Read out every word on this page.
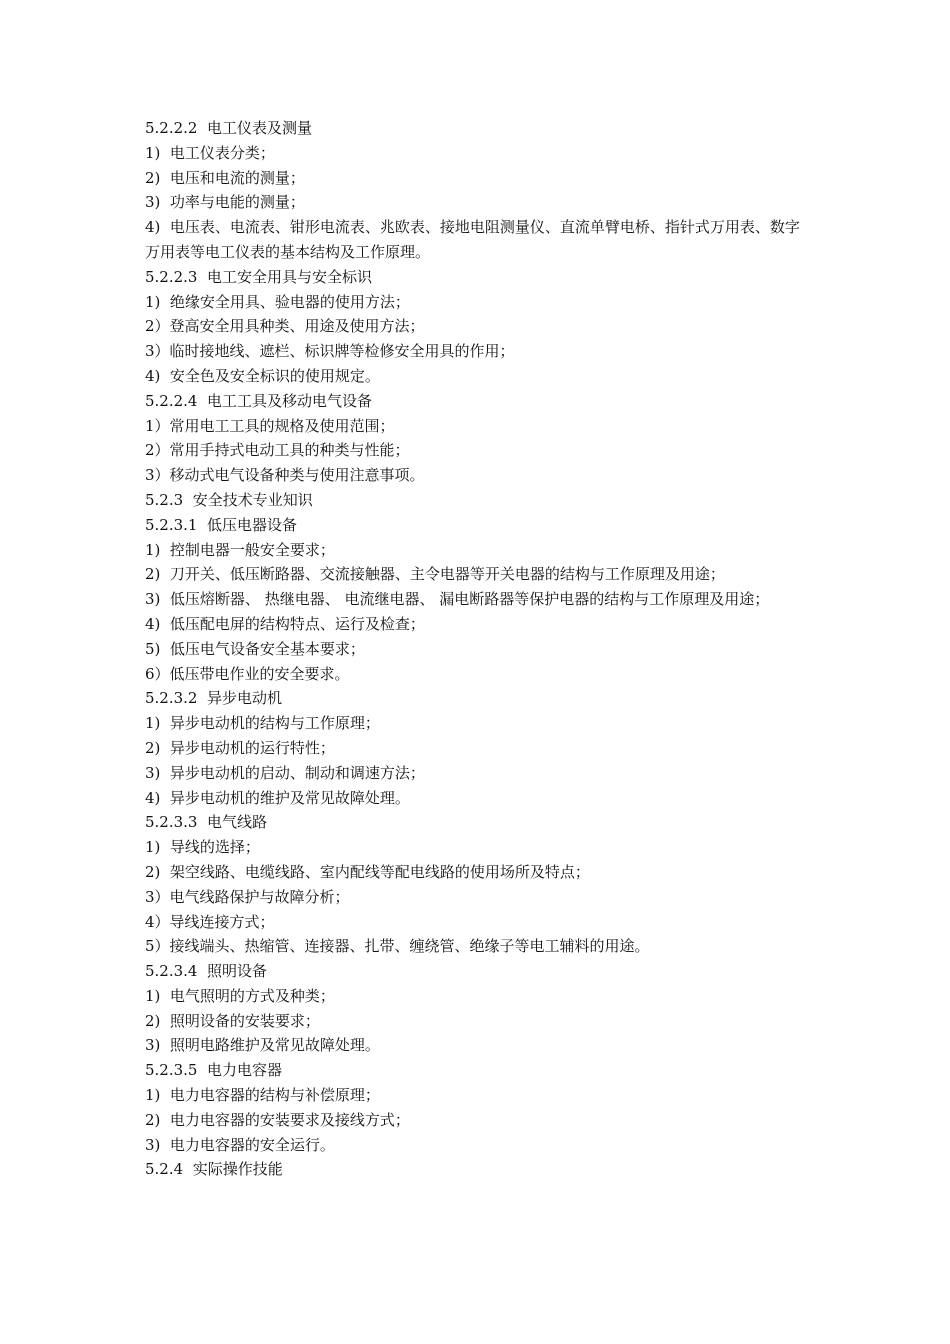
5.2.2.2  电工仪表及测量
1)  电工仪表分类；
2)  电压和电流的测量；
3)  功率与电能的测量；
4)  电压表、电流表、钳形电流表、兆欧表、接地电阻测量仪、直流单臂电桥、指针式万用表、数字万用表等电工仪表的基本结构及工作原理。
5.2.2.3  电工安全用具与安全标识
1)  绝缘安全用具、验电器的使用方法；
2）登高安全用具种类、用途及使用方法；
3）临时接地线、遮栏、标识牌等检修安全用具的作用；
4)  安全色及安全标识的使用规定。
5.2.2.4  电工工具及移动电气设备
1）常用电工工具的规格及使用范围；
2）常用手持式电动工具的种类与性能；
3）移动式电气设备种类与使用注意事项。
5.2.3  安全技术专业知识
5.2.3.1  低压电器设备
1)  控制电器一般安全要求；
2)  刀开关、低压断路器、交流接触器、主令电器等开关电器的结构与工作原理及用途；
3)  低压熔断器、 热继电器、 电流继电器、 漏电断路器等保护电器的结构与工作原理及用途；
4)  低压配电屏的结构特点、运行及检查；
5)  低压电气设备安全基本要求；
6）低压带电作业的安全要求。
5.2.3.2  异步电动机
1)  异步电动机的结构与工作原理；
2)  异步电动机的运行特性；
3)  异步电动机的启动、制动和调速方法；
4)  异步电动机的维护及常见故障处理。
5.2.3.3  电气线路
1)  导线的选择；
2)  架空线路、电缆线路、室内配线等配电线路的使用场所及特点；
3）电气线路保护与故障分析；
4）导线连接方式；
5）接线端头、热缩管、连接器、扎带、缠绕管、绝缘子等电工辅料的用途。
5.2.3.4  照明设备
1)  电气照明的方式及种类；
2)  照明设备的安装要求；
3)  照明电路维护及常见故障处理。
5.2.3.5  电力电容器
1)  电力电容器的结构与补偿原理；
2)  电力电容器的安装要求及接线方式；
3)  电力电容器的安全运行。
5.2.4  实际操作技能
